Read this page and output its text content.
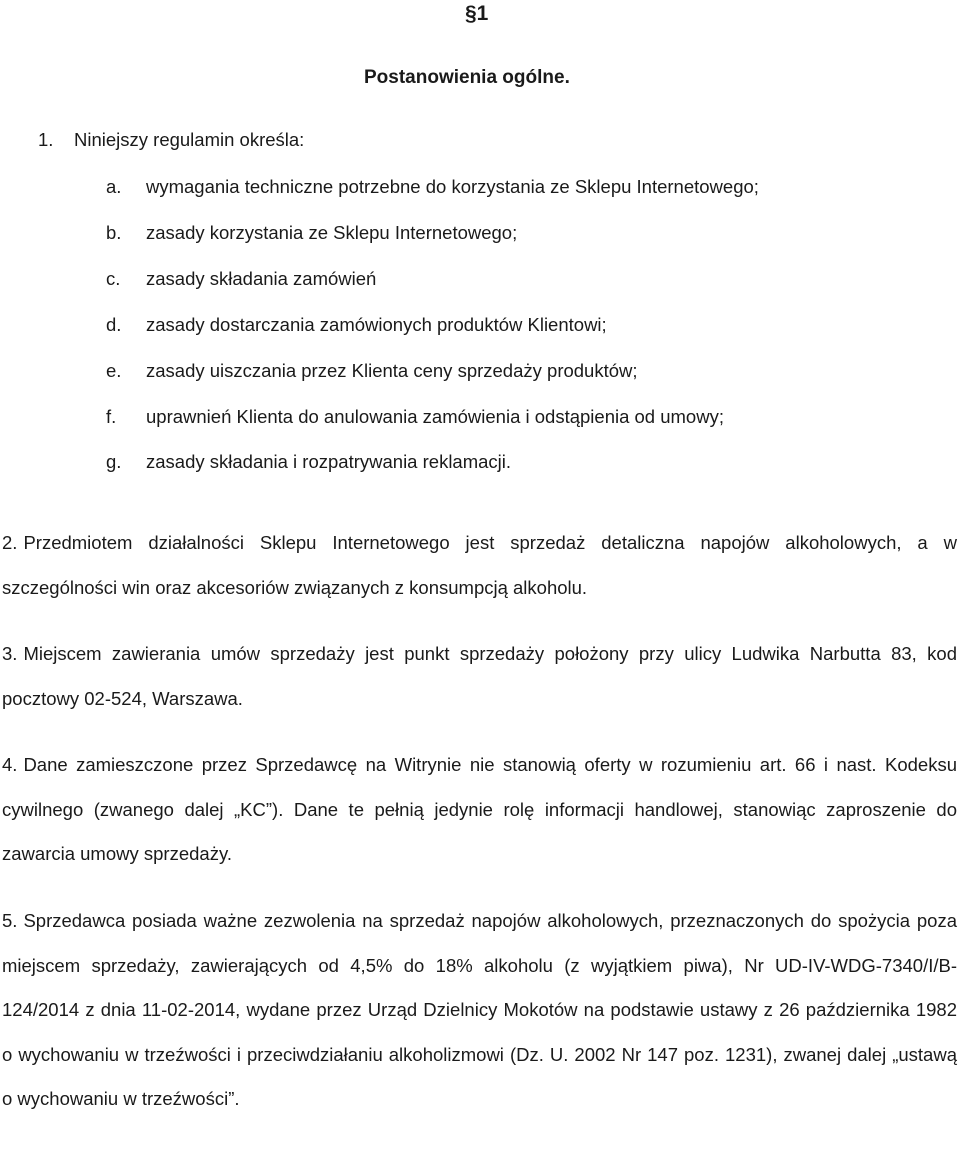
§1
Postanowienia ogólne.
1. Niniejszy regulamin określa:
a. wymagania techniczne potrzebne do korzystania ze Sklepu Internetowego;
b. zasady korzystania ze Sklepu Internetowego;
c. zasady składania zamówień
d. zasady dostarczania zamówionych produktów Klientowi;
e. zasady uiszczania przez Klienta ceny sprzedaży produktów;
f. uprawnień Klienta do anulowania zamówienia i odstąpienia od umowy;
g. zasady składania i rozpatrywania reklamacji.
2. Przedmiotem działalności Sklepu Internetowego jest sprzedaż detaliczna napojów alkoholowych, a w szczególności win oraz akcesoriów związanych z konsumpcją alkoholu.
3. Miejscem zawierania umów sprzedaży jest punkt sprzedaży położony przy ulicy Ludwika Narbutta 83, kod pocztowy 02-524, Warszawa.
4. Dane zamieszczone przez Sprzedawcę na Witrynie nie stanowią oferty w rozumieniu art. 66 i nast. Kodeksu cywilnego (zwanego dalej „KC”). Dane te pełnią jedynie rolę informacji handlowej, stanowiąc zaproszenie do zawarcia umowy sprzedaży.
5. Sprzedawca posiada ważne zezwolenia na sprzedaż napojów alkoholowych, przeznaczonych do spożycia poza miejscem sprzedaży, zawierających od 4,5% do 18% alkoholu (z wyjątkiem piwa), Nr UD-IV-WDG-7340/I/B-124/2014 z dnia 11-02-2014, wydane przez Urząd Dzielnicy Mokotów na podstawie ustawy z 26 października 1982 o wychowaniu w trzeźwości i przeciwdziałaniu alkoholizmowi (Dz. U. 2002 Nr 147 poz. 1231), zwanej dalej „ustawą o wychowaniu w trzeźwości”.
